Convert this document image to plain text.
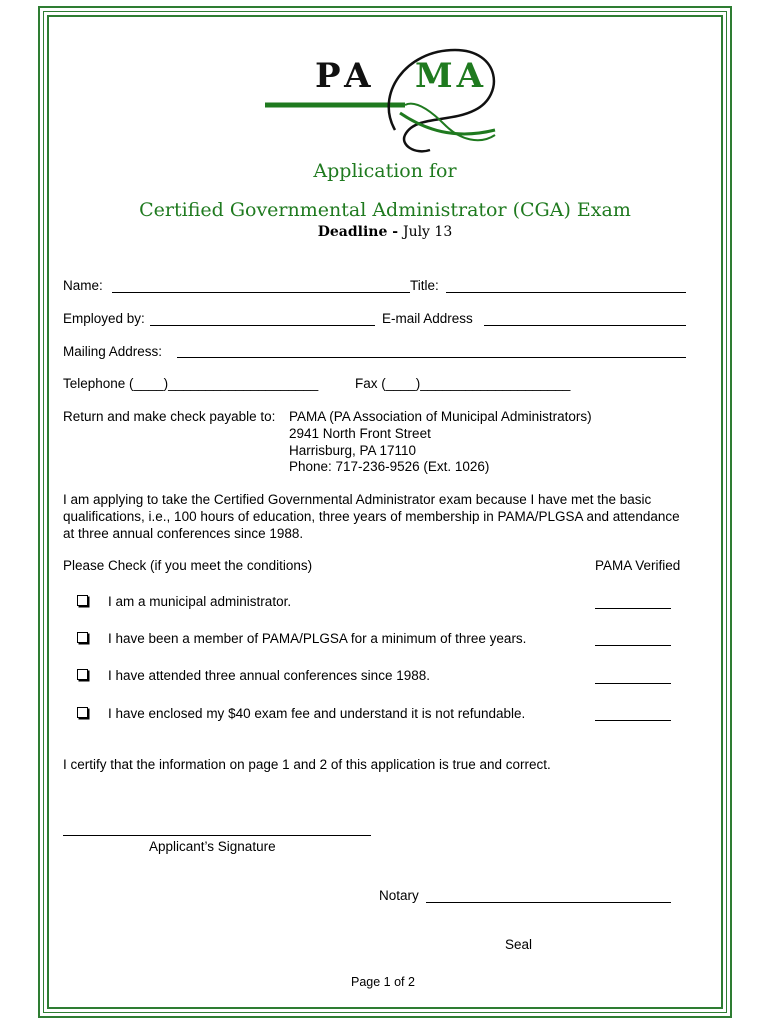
PA MA
Application for
Certified Governmental Administrator (CGA) Exam
Deadline - July 13
Name:	Title:
Employed by:	E-mail Address
Mailing Address:
Telephone (____)____________________	Fax (____)____________________
Return and make check payable to: PAMA (PA Association of Municipal Administrators)
2941 North Front Street
Harrisburg, PA 17110
Phone: 717-236-9526 (Ext. 1026)
I am applying to take the Certified Governmental Administrator exam because I have met the basic qualifications, i.e., 100 hours of education, three years of membership in PAMA/PLGSA and attendance at three annual conferences since 1988.
Please Check (if you meet the conditions)	PAMA Verified
I am a municipal administrator.
I have been a member of PAMA/PLGSA for a minimum of three years.
I have attended three annual conferences since 1988.
I have enclosed my $40 exam fee and understand it is not refundable.
I certify that the information on page 1 and 2 of this application is true and correct.
Applicant’s Signature
Notary
Seal
Page 1 of 2
